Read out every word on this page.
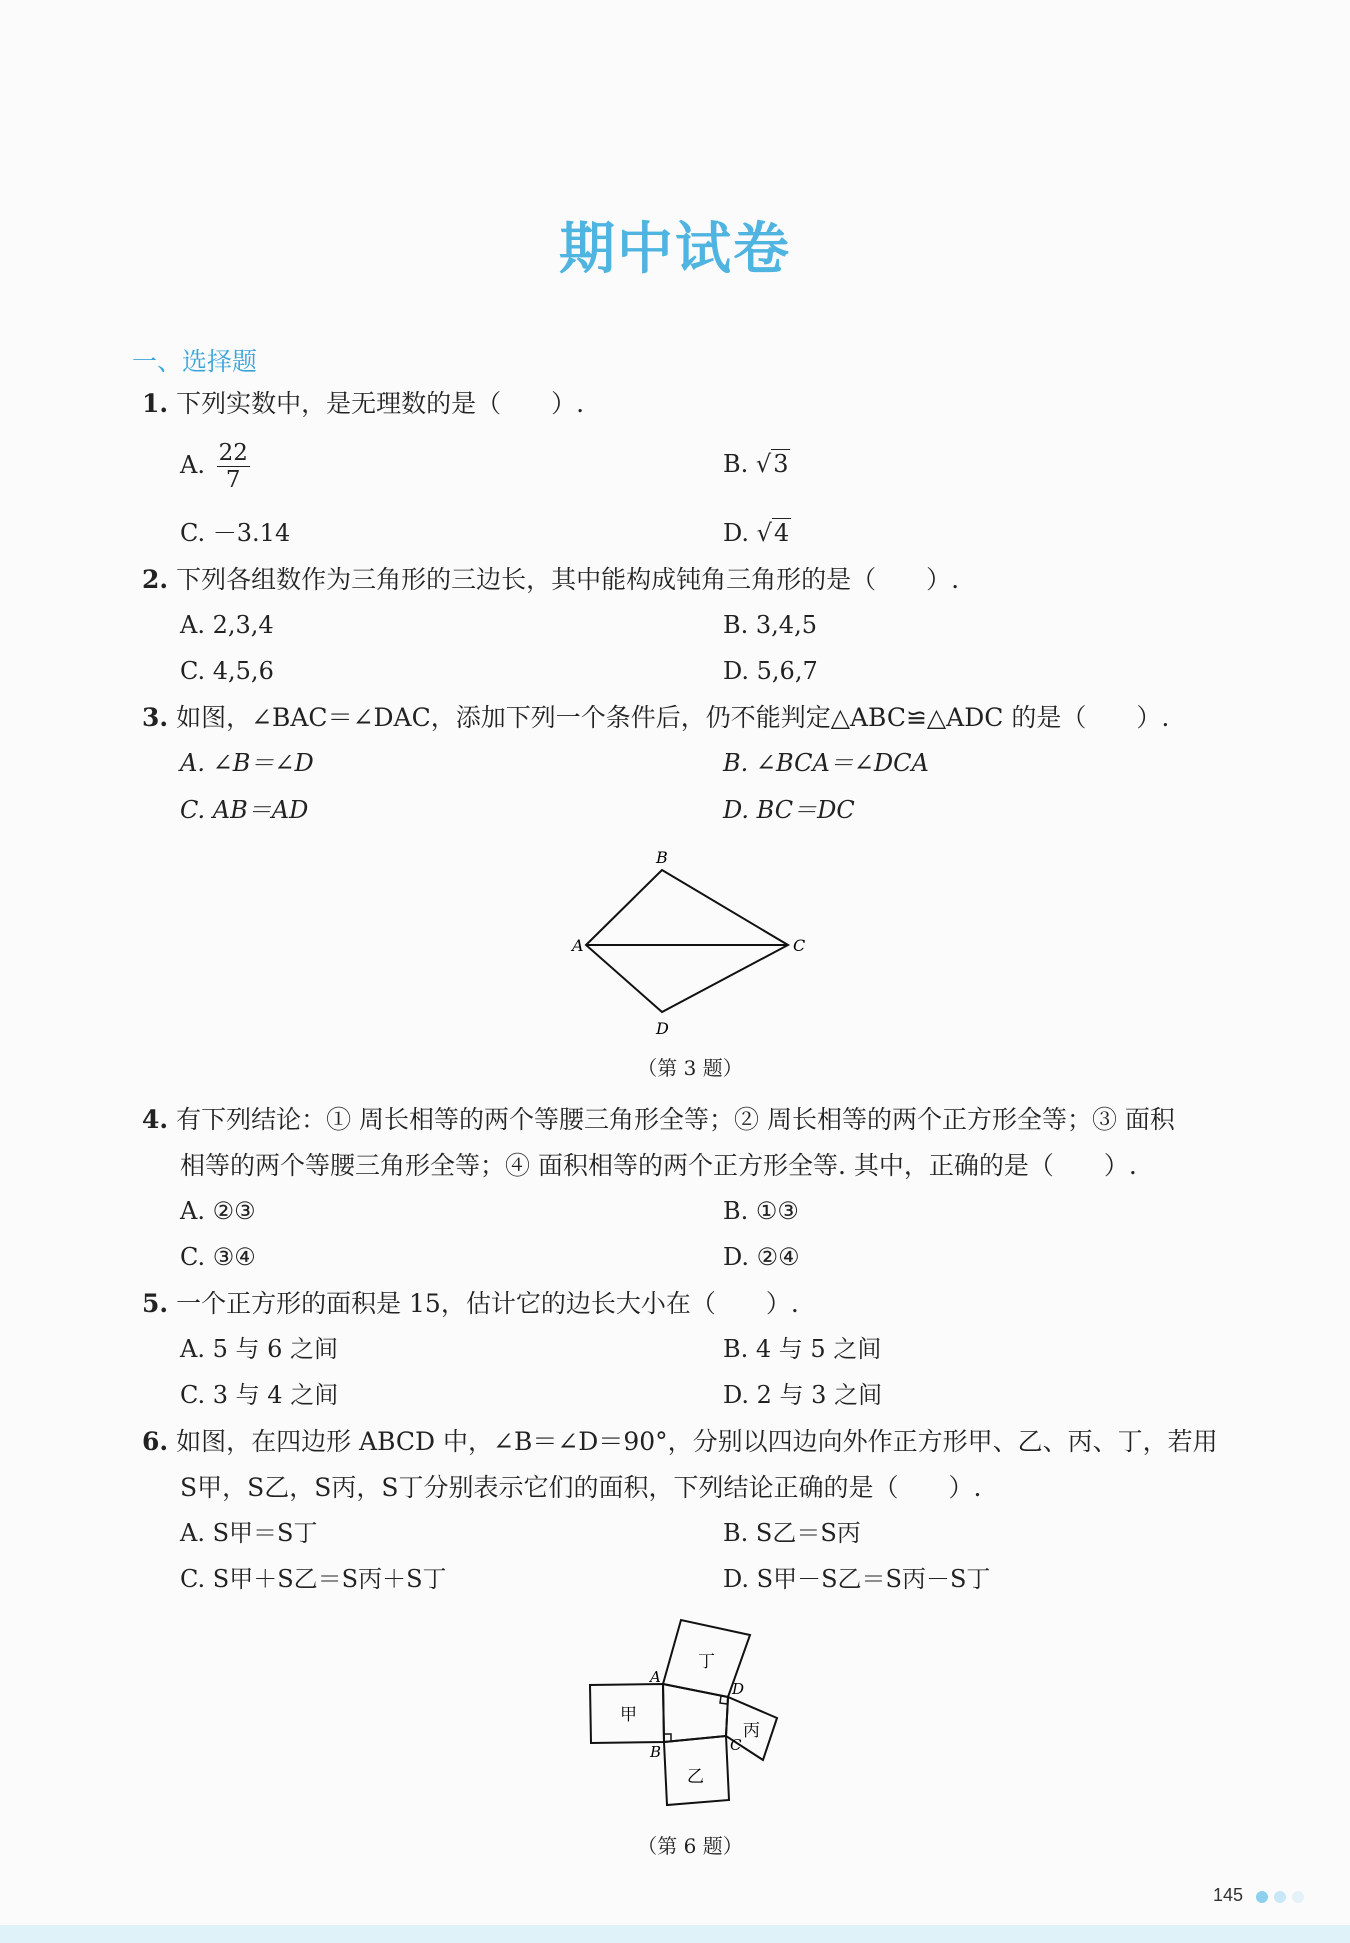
期中试卷
一、选择题
1. 下列实数中，是无理数的是（　　）.
A. $\frac{22}{7}$	B. √3
C. －3.14	D. √4
2. 下列各组数作为三角形的三边长，其中能构成钝角三角形的是（　　）.
A. 2,3,4	B. 3,4,5
C. 4,5,6	D. 5,6,7
3. 如图，∠BAC＝∠DAC，添加下列一个条件后，仍不能判定△ABC≌△ADC 的是（　　）.
A. ∠B＝∠D	B. ∠BCA＝∠DCA
C. AB＝AD	D. BC＝DC
B
A	C
D
（第 3 题）
4. 有下列结论：① 周长相等的两个等腰三角形全等；② 周长相等的两个正方形全等；③ 面积
相等的两个等腰三角形全等；④ 面积相等的两个正方形全等. 其中，正确的是（　　）.
A. ②③	B. ①③
C. ③④	D. ②④
5. 一个正方形的面积是 15，估计它的边长大小在（　　）.
A. 5 与 6 之间	B. 4 与 5 之间
C. 3 与 4 之间	D. 2 与 3 之间
6. 如图，在四边形 ABCD 中，∠B＝∠D＝90°，分别以四边向外作正方形甲、乙、丙、丁，若用
S甲，S乙，S丙，S丁分别表示它们的面积，下列结论正确的是（　　）.
A. S甲＝S丁	B. S乙＝S丙
C. S甲＋S乙＝S丙＋S丁	D. S甲－S乙＝S丙－S丁
A
B	C
D
甲
乙
丙
丁
（第 6 题）
145
